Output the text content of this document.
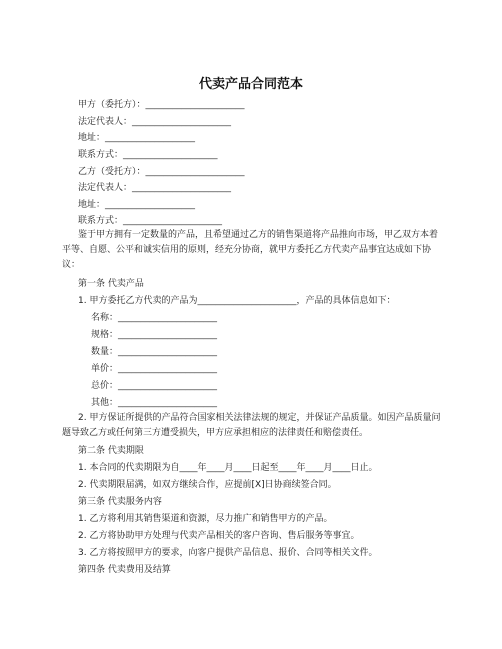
代卖产品合同范本
甲方（委托方）：______________________
法定代表人：______________________
地址：____________________
联系方式：_____________________
乙方（受托方）：______________________
法定代表人：______________________
地址：____________________
联系方式：______________________
鉴于甲方拥有一定数量的产品，且希望通过乙方的销售渠道将产品推向市场，甲乙双方本着平等、自愿、公平和诚实信用的原则，经充分协商，就甲方委托乙方代卖产品事宜达成如下协议：
第一条 代卖产品
1. 甲方委托乙方代卖的产品为______________________，产品的具体信息如下：
名称：______________________
规格：______________________
数量：______________________
单价：______________________
总价：______________________
其他：______________________
2. 甲方保证所提供的产品符合国家相关法律法规的规定，并保证产品质量。如因产品质量问题导致乙方或任何第三方遭受损失，甲方应承担相应的法律责任和赔偿责任。
第二条 代卖期限
1. 本合同的代卖期限为自____年____月____日起至____年____月____日止。
2. 代卖期限届满，如双方继续合作，应提前[X]日协商续签合同。
第三条 代卖服务内容
1. 乙方将利用其销售渠道和资源，尽力推广和销售甲方的产品。
2. 乙方将协助甲方处理与代卖产品相关的客户咨询、售后服务等事宜。
3. 乙方将按照甲方的要求，向客户提供产品信息、报价、合同等相关文件。
第四条 代卖费用及结算
